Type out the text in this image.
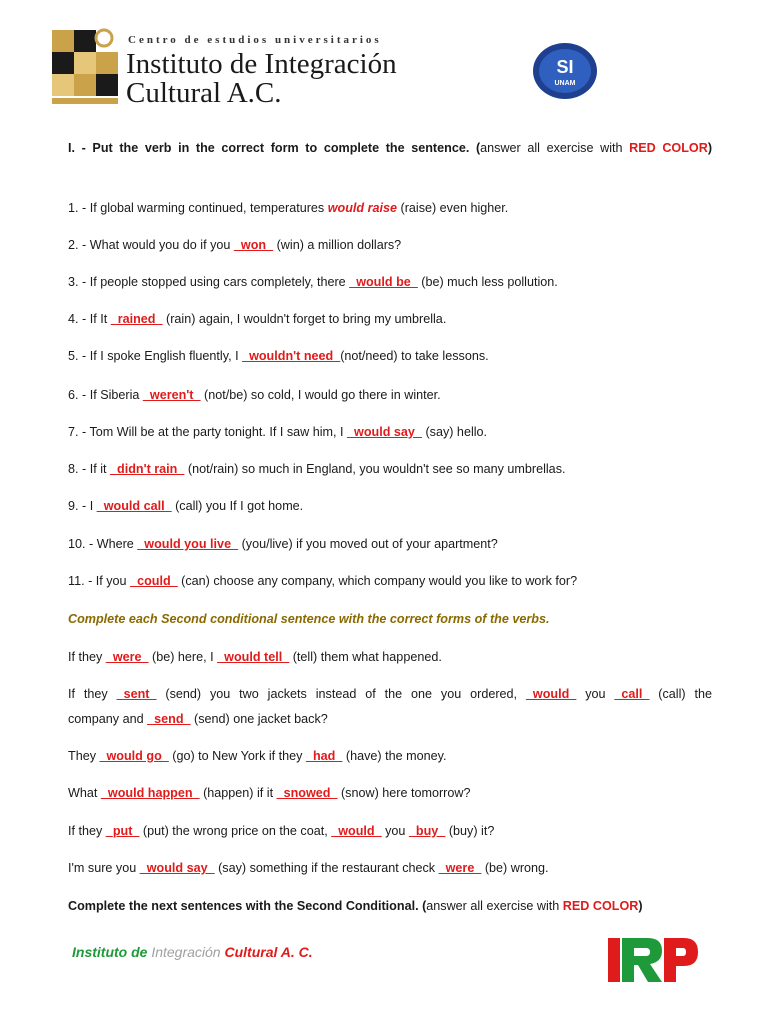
Centro de estudios universitarios
Instituto de Integración
Cultural A.C.
SI
UNAM
I. - Put the verb in the correct form to complete the sentence. (answer all exercise with RED COLOR)
1. - If global warming continued, temperatures would raise (raise) even higher.
2. - What would you do if you _won_ (win) a million dollars?
3. - If people stopped using cars completely, there _would be_ (be) much less pollution.
4. - If It _rained_ (rain) again, I wouldn't forget to bring my umbrella.
5. - If I spoke English fluently, I _wouldn't need_(not/need) to take lessons.
6. - If Siberia _weren't_ (not/be) so cold, I would go there in winter.
7. - Tom Will be at the party tonight. If I saw him, I _would say_ (say) hello.
8. - If it _didn't rain_ (not/rain) so much in England, you wouldn't see so many umbrellas.
9. - I _would call_ (call) you If I got home.
10. - Where _would you live_ (you/live) if you moved out of your apartment?
11. - If you _could_ (can) choose any company, which company would you like to work for?
Complete each Second conditional sentence with the correct forms of the verbs.
If they _were_ (be) here, I _would tell_ (tell) them what happened.
If they _sent_ (send) you two jackets instead of the one you ordered, _would_ you _call_ (call) the
company and _send_ (send) one jacket back?
They _would go_ (go) to New York if they _had_ (have) the money.
What _would happen_ (happen) if it _snowed_ (snow) here tomorrow?
If they _put_ (put) the wrong price on the coat, _would_ you _buy_ (buy) it?
I'm sure you _would say_ (say) something if the restaurant check _were_ (be) wrong.
Complete the next sentences with the Second Conditional. (answer all exercise with RED COLOR)
Instituto de Integración Cultural A. C.
